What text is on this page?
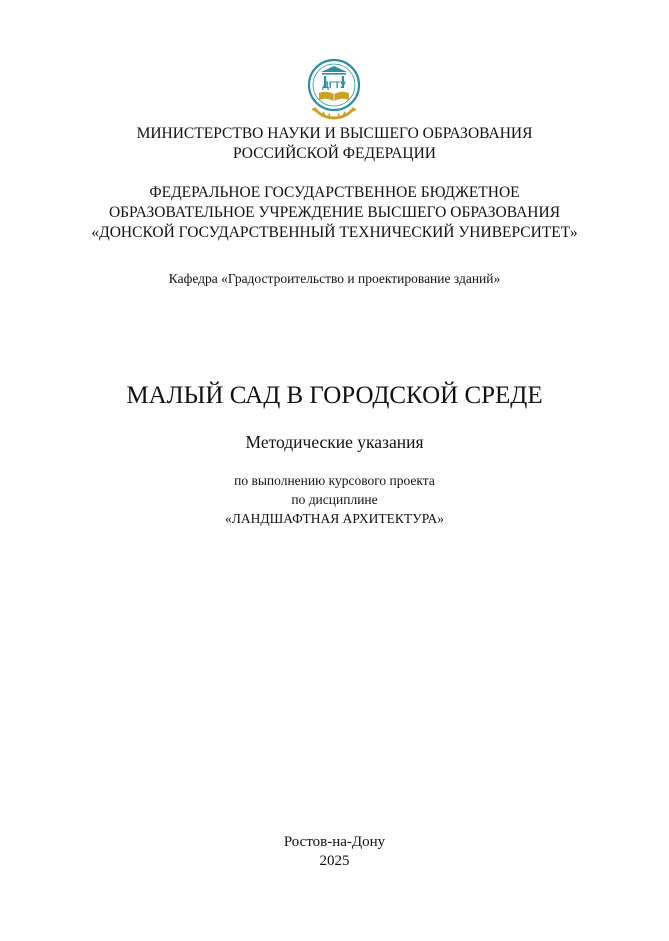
ДГТУ
МИНИСТЕРСТВО НАУКИ И ВЫСШЕГО ОБРАЗОВАНИЯ
РОССИЙСКОЙ ФЕДЕРАЦИИ
ФЕДЕРАЛЬНОЕ ГОСУДАРСТВЕННОЕ БЮДЖЕТНОЕ
ОБРАЗОВАТЕЛЬНОЕ УЧРЕЖДЕНИЕ ВЫСШЕГО ОБРАЗОВАНИЯ
«ДОНСКОЙ ГОСУДАРСТВЕННЫЙ ТЕХНИЧЕСКИЙ УНИВЕРСИТЕТ»
Кафедра «Градостроительство и проектирование зданий»
МАЛЫЙ САД В ГОРОДСКОЙ СРЕДЕ
Методические указания
по выполнению курсового проекта
по дисциплине
«ЛАНДШАФТНАЯ АРХИТЕКТУРА»
Ростов-на-Дону
2025
